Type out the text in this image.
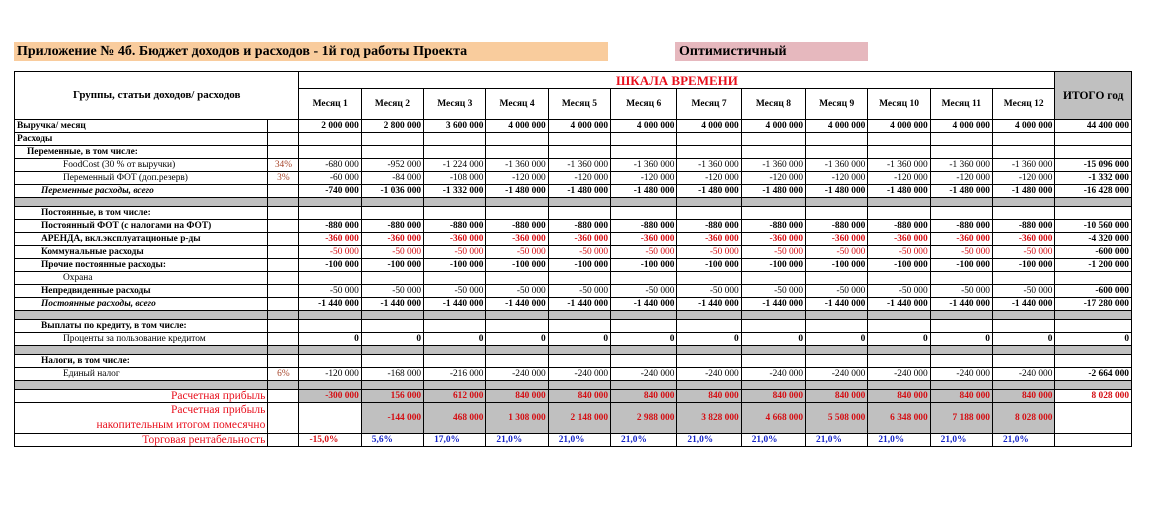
Приложение № 4б. Бюджет доходов и расходов - 1й год работы Проекта	Оптимистичный
Группы, статьи доходов/ расходов		ШКАЛА ВРЕМЕНИ												ИТОГО год
		Месяц 1	Месяц 2	Месяц 3	Месяц 4	Месяц 5	Месяц 6	Месяц 7	Месяц 8	Месяц 9	Месяц 10	Месяц 11	Месяц 12	
Выручка/ месяц		2 000 000	2 800 000	3 600 000	4 000 000	4 000 000	4 000 000	4 000 000	4 000 000	4 000 000	4 000 000	4 000 000	4 000 000	44 400 000
Расходы														
Переменные, в том числе:														
FoodCost (30 % от выручки)	34%	-680 000	-952 000	-1 224 000	-1 360 000	-1 360 000	-1 360 000	-1 360 000	-1 360 000	-1 360 000	-1 360 000	-1 360 000	-1 360 000	-15 096 000
Переменный ФОТ (доп.резерв)	3%	-60 000	-84 000	-108 000	-120 000	-120 000	-120 000	-120 000	-120 000	-120 000	-120 000	-120 000	-120 000	-1 332 000
Переменные расходы, всего		-740 000	-1 036 000	-1 332 000	-1 480 000	-1 480 000	-1 480 000	-1 480 000	-1 480 000	-1 480 000	-1 480 000	-1 480 000	-1 480 000	-16 428 000

Постоянные, в том числе:														
Постоянный ФОТ (с налогами на ФОТ)		-880 000	-880 000	-880 000	-880 000	-880 000	-880 000	-880 000	-880 000	-880 000	-880 000	-880 000	-880 000	-10 560 000
АРЕНДА, вкл.эксплуатационые р-ды		-360 000	-360 000	-360 000	-360 000	-360 000	-360 000	-360 000	-360 000	-360 000	-360 000	-360 000	-360 000	-4 320 000
Коммунальные расходы		-50 000	-50 000	-50 000	-50 000	-50 000	-50 000	-50 000	-50 000	-50 000	-50 000	-50 000	-50 000	-600 000
Прочие постоянные расходы:		-100 000	-100 000	-100 000	-100 000	-100 000	-100 000	-100 000	-100 000	-100 000	-100 000	-100 000	-100 000	-1 200 000
Охрана														
Непредвиденные расходы		-50 000	-50 000	-50 000	-50 000	-50 000	-50 000	-50 000	-50 000	-50 000	-50 000	-50 000	-50 000	-600 000
Постоянные расходы, всего		-1 440 000	-1 440 000	-1 440 000	-1 440 000	-1 440 000	-1 440 000	-1 440 000	-1 440 000	-1 440 000	-1 440 000	-1 440 000	-1 440 000	-17 280 000

Выплаты по кредиту, в том числе:														
Проценты за пользование кредитом		0	0	0	0	0	0	0	0	0	0	0	0	0

Налоги, в том числе:														
Единый налог	6%	-120 000	-168 000	-216 000	-240 000	-240 000	-240 000	-240 000	-240 000	-240 000	-240 000	-240 000	-240 000	-2 664 000

Расчетная прибыль		-300 000	156 000	612 000	840 000	840 000	840 000	840 000	840 000	840 000	840 000	840 000	840 000	8 028 000

Расчетная прибыль
накопительным итогом помесячно			-144 000	468 000	1 308 000	2 148 000	2 988 000	3 828 000	4 668 000	5 508 000	6 348 000	7 188 000	8 028 000	
Торговая рентабельность		-15,0%	5,6%	17,0%	21,0%	21,0%	21,0%	21,0%	21,0%	21,0%	21,0%	21,0%	21,0%	
